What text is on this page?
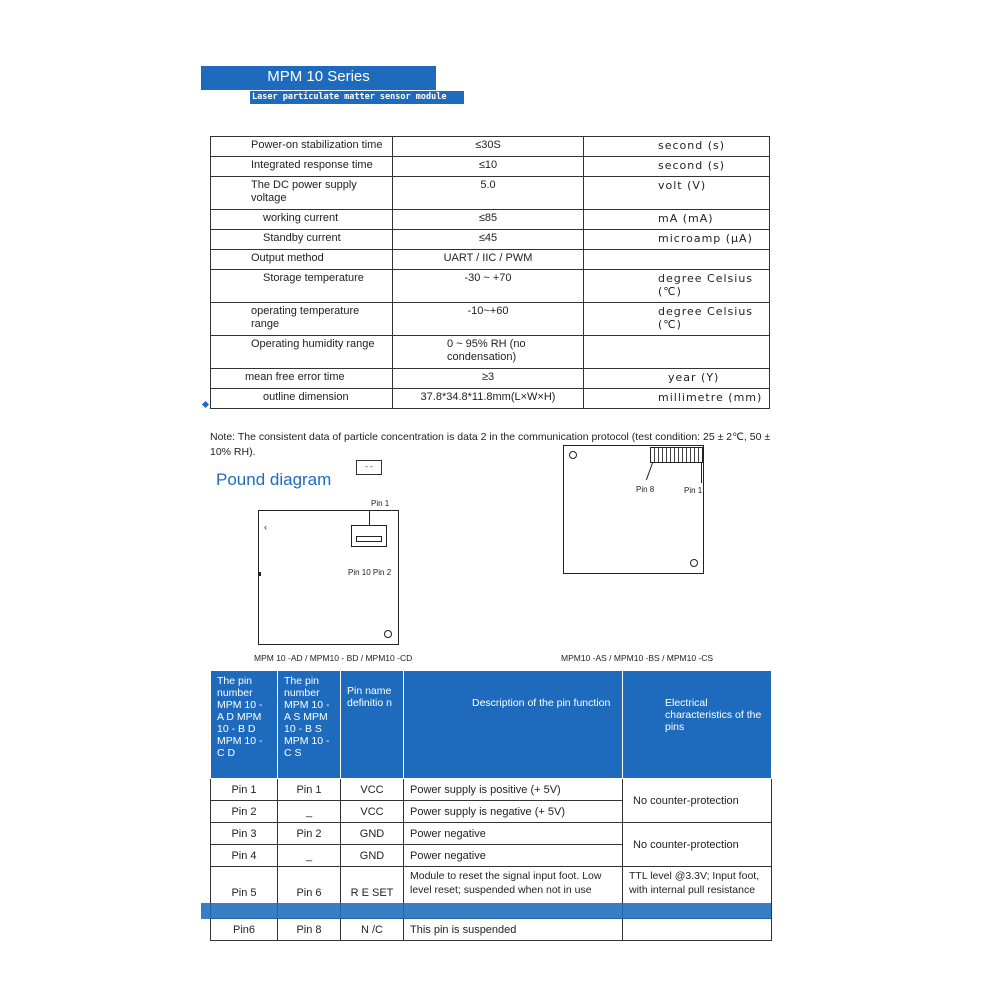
MPM 10 Series
Laser particulate matter sensor module
Power-on stabilization time	≤30S	second (s)
Integrated response time	≤10	second (s)
The DC power supply voltage	5.0	volt (V)
working current	≤85	mA (mA)
Standby current	≤45	microamp (μA)
Output method	UART / IIC / PWM	
Storage temperature	-30 ~ +70	degree Celsius (℃)
operating temperature range	-10~+60	degree Celsius (℃)
Operating humidity range	0 ~ 95% RH (no condensation)	
mean free error time	≥3	year (Y)
outline dimension	37.8*34.8*11.8mm(L×W×H)	millimetre (mm)
Note: The consistent data of particle concentration is data 2 in the communication protocol (test condition: 25 ± 2℃, 50 ± 10% RH).
Pound diagram
- -
Pin 1
Pin 10 Pin 2
‹
MPM 10 -AD / MPM10 - BD / MPM10 -CD
Pin 8	Pin 1
MPM10 -AS / MPM10 -BS / MPM10 -CS
The pin number MPM 10 - A D MPM 10 - B D MPM 10 - C D	The pin number MPM 10 - A S MPM 10 - B S MPM 10 - C S	Pin name definitio n	Description of the pin function	Electrical characteristics of the pins
Pin 1	Pin 1	VCC	Power supply is positive (+ 5V)	No counter-protection
Pin 2	_	VCC	Power supply is negative (+ 5V)	
Pin 3	Pin 2	GND	Power negative	No counter-protection
Pin 4	_	GND	Power negative	
Pin 5	Pin 6	R E SET	Module to reset the signal input foot. Low level reset; suspended when not in use	TTL level @3.3V; Input foot, with internal pull resistance
Pin6	Pin 8	N /C	This pin is suspended	
